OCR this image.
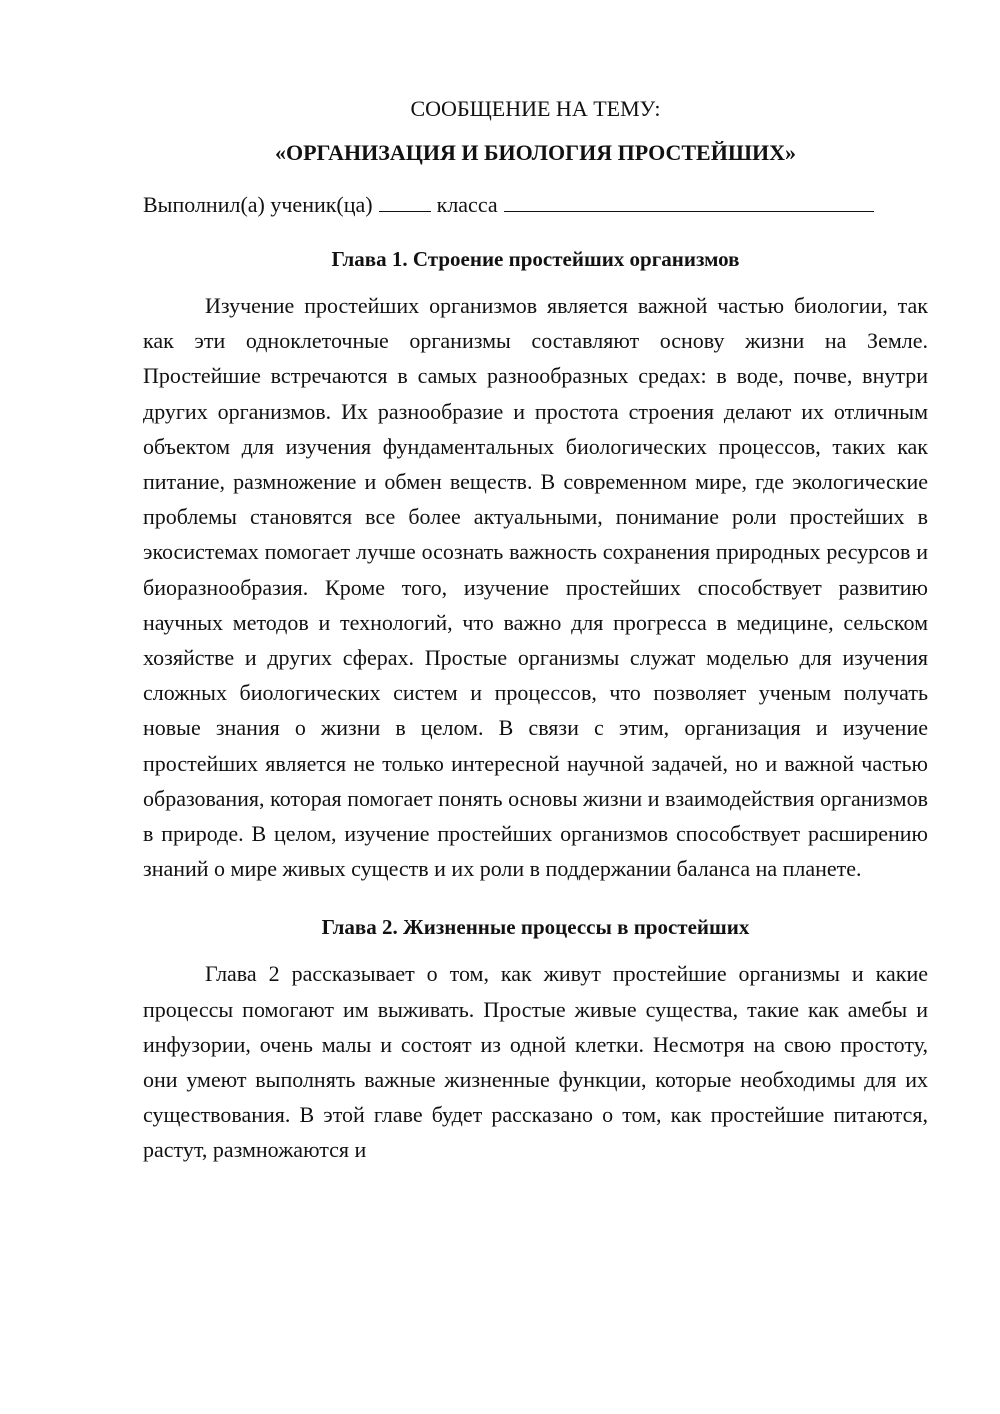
СООБЩЕНИЕ НА ТЕМУ:

«ОРГАНИЗАЦИЯ И БИОЛОГИЯ ПРОСТЕЙШИХ»

Выполнил(а) ученик(ца)	класса
Глава 1. Строение простейших организмов

Изучение простейших организмов является важной частью биологии, так как эти одноклеточные организмы составляют основу жизни на Земле. Простейшие встречаются в самых разнообразных средах: в воде, почве, внутри других организмов. Их разнообразие и простота строения делают их отличным объектом для изучения фундаментальных биологических процессов, таких как питание, размножение и обмен веществ. В современном мире, где экологические проблемы становятся все более актуальными, понимание роли простейших в экосистемах помогает лучше осознать важность сохранения природных ресурсов и биоразнообразия. Кроме того, изучение простейших способствует развитию научных методов и технологий, что важно для прогресса в медицине, сельском хозяйстве и других сферах. Простые организмы служат моделью для изучения сложных биологических систем и процессов, что позволяет ученым получать новые знания о жизни в целом. В связи с этим, организация и изучение простейших является не только интересной научной задачей, но и важной частью образования, которая помогает понять основы жизни и взаимодействия организмов в природе. В целом, изучение простейших организмов способствует расширению знаний о мире живых существ и их роли в поддержании баланса на планете.

Глава 2. Жизненные процессы в простейших

Глава 2 рассказывает о том, как живут простейшие организмы и какие процессы помогают им выживать. Простые живые существа, такие как амебы и инфузории, очень малы и состоят из одной клетки. Несмотря на свою простоту, они умеют выполнять важные жизненные функции, которые необходимы для их существования. В этой главе будет рассказано о том, как простейшие питаются, растут, размножаются и
